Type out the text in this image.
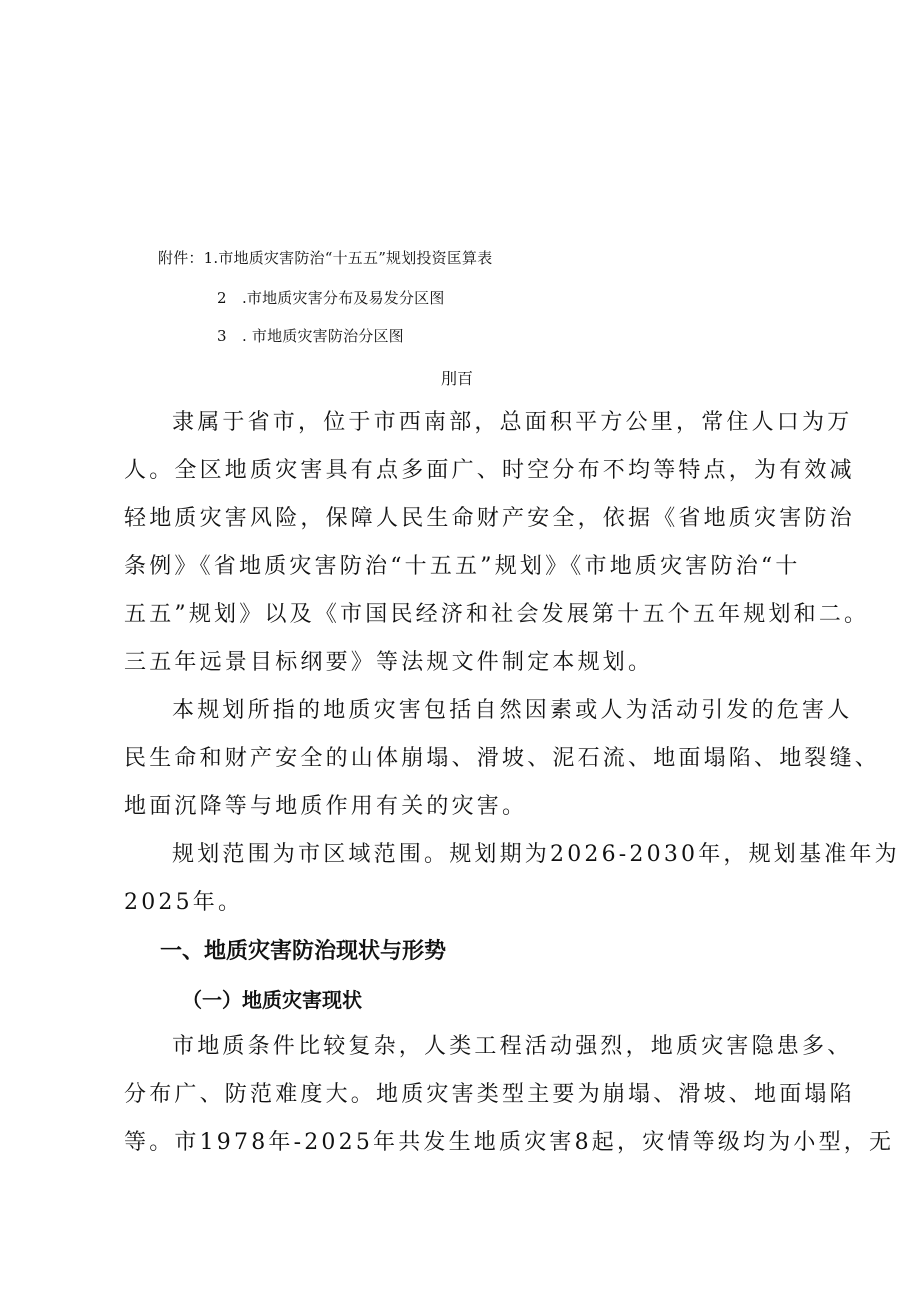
附件：1.市地质灾害防治“十五五”规划投资匡算表
2　.市地质灾害分布及易发分区图
3　. 市地质灾害防治分区图
刖百
隶属于省市，位于市西南部，总面积平方公里，常住人口为万
人。全区地质灾害具有点多面广、时空分布不均等特点，为有效减
轻地质灾害风险，保障人民生命财产安全，依据《省地质灾害防治
条例》《省地质灾害防治“十五五”规划》《市地质灾害防治“十
五五”规划》以及《市国民经济和社会发展第十五个五年规划和二。
三五年远景目标纲要》等法规文件制定本规划。
本规划所指的地质灾害包括自然因素或人为活动引发的危害人
民生命和财产安全的山体崩塌、滑坡、泥石流、地面塌陷、地裂缝、
地面沉降等与地质作用有关的灾害。
规划范围为市区域范围。规划期为2026-2030年，规划基准年为
2025年。
一、地质灾害防治现状与形势
（一）地质灾害现状
市地质条件比较复杂，人类工程活动强烈，地质灾害隐患多、
分布广、防范难度大。地质灾害类型主要为崩塌、滑坡、地面塌陷
等。市1978年-2025年共发生地质灾害8起，灾情等级均为小型，无
